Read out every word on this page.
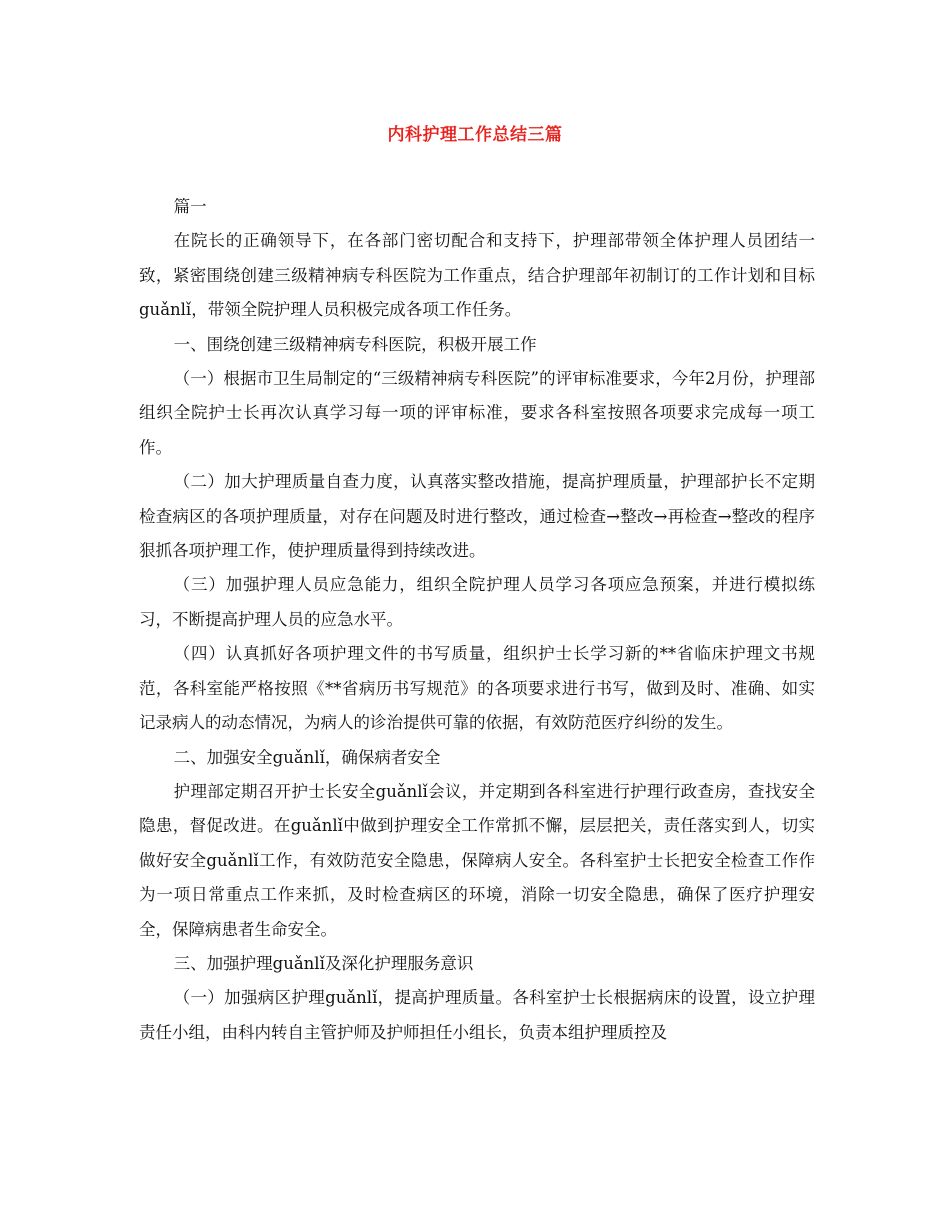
内科护理工作总结三篇

篇一

在院长的正确领导下，在各部门密切配合和支持下，护理部带领全体护理人员团结一致，紧密围绕创建三级精神病专科医院为工作重点，结合护理部年初制订的工作计划和目标guǎnlǐ，带领全院护理人员积极完成各项工作任务。

一、围绕创建三级精神病专科医院，积极开展工作

（一）根据市卫生局制定的“三级精神病专科医院”的评审标准要求，今年2月份，护理部组织全院护士长再次认真学习每一项的评审标准，要求各科室按照各项要求完成每一项工作。

（二）加大护理质量自查力度，认真落实整改措施，提高护理质量，护理部护长不定期检查病区的各项护理质量，对存在问题及时进行整改，通过检查→整改→再检查→整改的程序狠抓各项护理工作，使护理质量得到持续改进。

（三）加强护理人员应急能力，组织全院护理人员学习各项应急预案，并进行模拟练习，不断提高护理人员的应急水平。

（四）认真抓好各项护理文件的书写质量，组织护士长学习新的**省临床护理文书规范，各科室能严格按照《**省病历书写规范》的各项要求进行书写，做到及时、准确、如实记录病人的动态情况，为病人的诊治提供可靠的依据，有效防范医疗纠纷的发生。

二、加强安全guǎnlǐ，确保病者安全

护理部定期召开护士长安全guǎnlǐ会议，并定期到各科室进行护理行政查房，查找安全隐患，督促改进。在guǎnlǐ中做到护理安全工作常抓不懈，层层把关，责任落实到人，切实做好安全guǎnlǐ工作，有效防范安全隐患，保障病人安全。各科室护士长把安全检查工作作为一项日常重点工作来抓，及时检查病区的环境，消除一切安全隐患，确保了医疗护理安全，保障病患者生命安全。

三、加强护理guǎnlǐ及深化护理服务意识

（一）加强病区护理guǎnlǐ，提高护理质量。各科室护士长根据病床的设置，设立护理责任小组，由科内转自主管护师及护师担任小组长，负责本组护理质控及
